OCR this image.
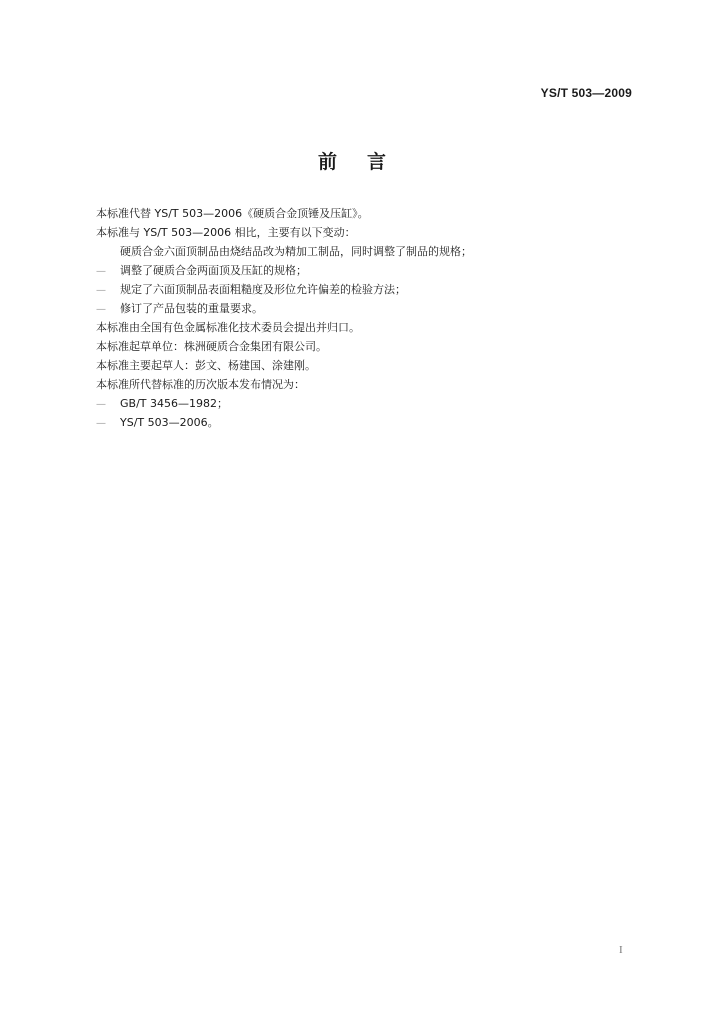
YS/T 503—2009
前言
本标准代替 YS/T 503—2006《硬质合金顶锤及压缸》。
本标准与 YS/T 503—2006 相比，主要有以下变动：
硬质合金六面顶制品由烧结品改为精加工制品，同时调整了制品的规格；
— 调整了硬质合金两面顶及压缸的规格；
— 规定了六面顶制品表面粗糙度及形位允许偏差的检验方法；
— 修订了产品包装的重量要求。
本标准由全国有色金属标准化技术委员会提出并归口。
本标准起草单位：株洲硬质合金集团有限公司。
本标准主要起草人：彭文、杨建国、涂建刚。
本标准所代替标准的历次版本发布情况为：
— GB/T 3456—1982；
— YS/T 503—2006。
I
